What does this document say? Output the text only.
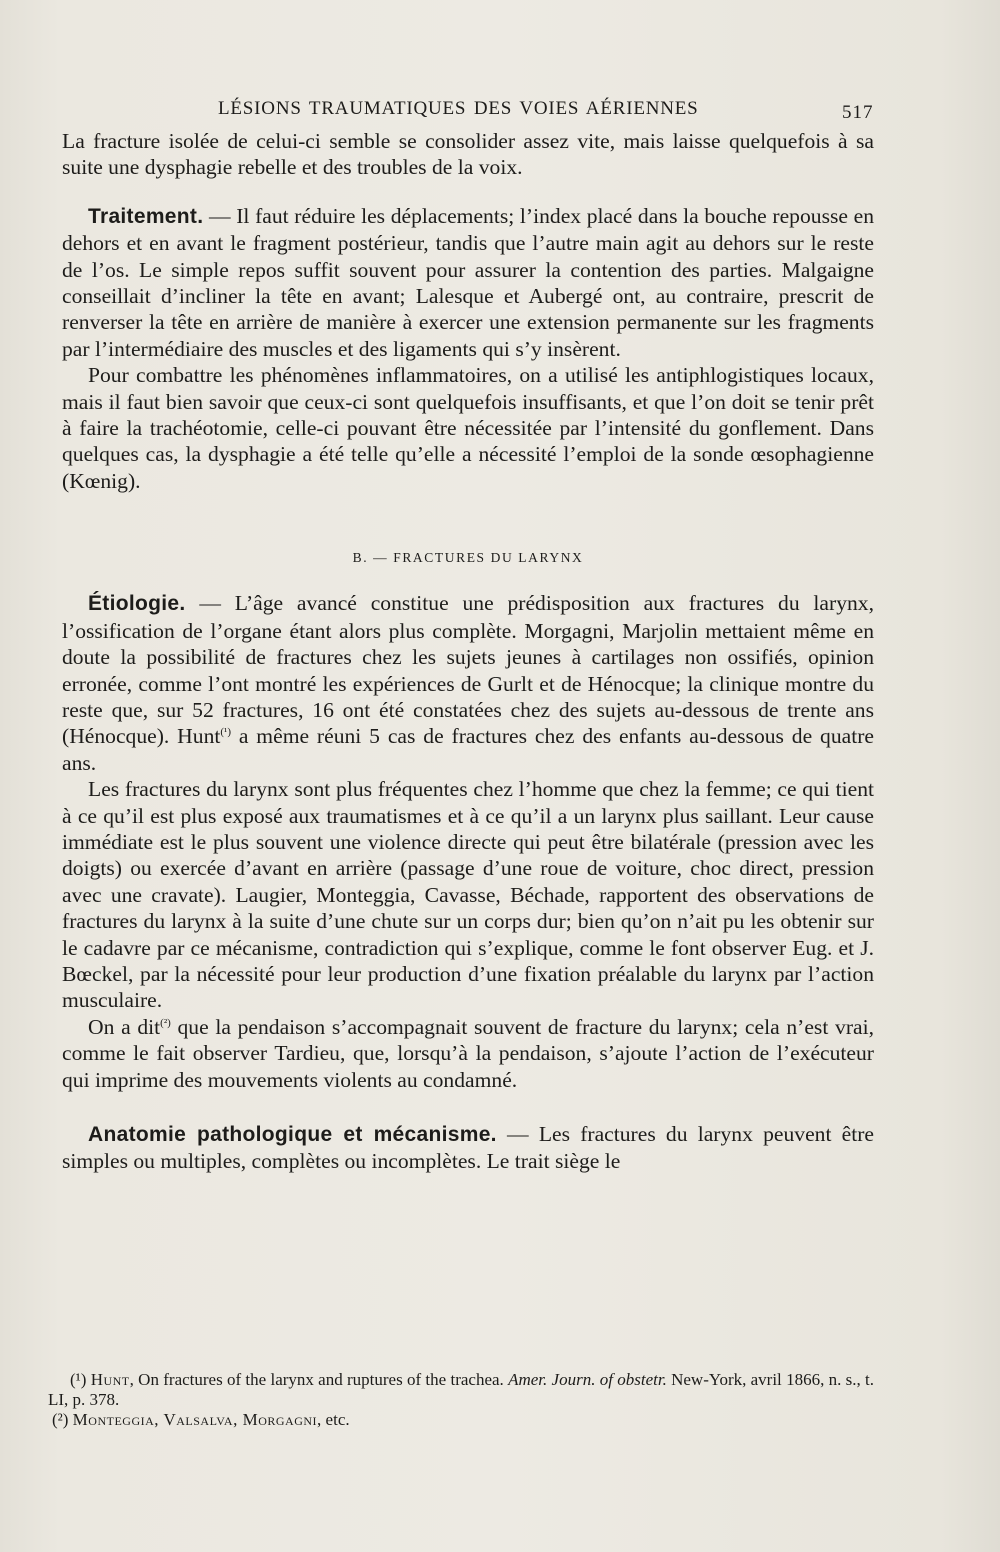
LÉSIONS TRAUMATIQUES DES VOIES AÉRIENNES	517

La fracture isolée de celui-ci semble se consolider assez vite, mais laisse quelquefois à sa suite une dysphagie rebelle et des troubles de la voix.

Traitement. — Il faut réduire les déplacements; l’index placé dans la bouche repousse en dehors et en avant le fragment postérieur, tandis que l’autre main agit au dehors sur le reste de l’os. Le simple repos suffit souvent pour assurer la contention des parties. Malgaigne conseillait d’incliner la tête en avant; Lalesque et Aubergé ont, au contraire, prescrit de renverser la tête en arrière de manière à exercer une extension permanente sur les fragments par l’intermédiaire des muscles et des ligaments qui s’y insèrent.

Pour combattre les phénomènes inflammatoires, on a utilisé les antiphlogistiques locaux, mais il faut bien savoir que ceux-ci sont quelquefois insuffisants, et que l’on doit se tenir prêt à faire la trachéotomie, celle-ci pouvant être nécessitée par l’intensité du gonflement. Dans quelques cas, la dysphagie a été telle qu’elle a nécessité l’emploi de la sonde œsophagienne (Kœnig).

B. — FRACTURES DU LARYNX

Étiologie. — L’âge avancé constitue une prédisposition aux fractures du larynx, l’ossification de l’organe étant alors plus complète. Morgagni, Marjolin mettaient même en doute la possibilité de fractures chez les sujets jeunes à cartilages non ossifiés, opinion erronée, comme l’ont montré les expériences de Gurlt et de Hénocque; la clinique montre du reste que, sur 52 fractures, 16 ont été constatées chez des sujets au-dessous de trente ans (Hénocque). Hunt$^{(^1)}$ a même réuni 5 cas de fractures chez des enfants au-dessous de quatre ans.

Les fractures du larynx sont plus fréquentes chez l’homme que chez la femme; ce qui tient à ce qu’il est plus exposé aux traumatismes et à ce qu’il a un larynx plus saillant. Leur cause immédiate est le plus souvent une violence directe qui peut être bilatérale (pression avec les doigts) ou exercée d’avant en arrière (passage d’une roue de voiture, choc direct, pression avec une cravate). Laugier, Monteggia, Cavasse, Béchade, rapportent des observations de fractures du larynx à la suite d’une chute sur un corps dur; bien qu’on n’ait pu les obtenir sur le cadavre par ce mécanisme, contradiction qui s’explique, comme le font observer Eug. et J. Bœckel, par la nécessité pour leur production d’une fixation préalable du larynx par l’action musculaire.

On a dit$^{(^2)}$ que la pendaison s’accompagnait souvent de fracture du larynx; cela n’est vrai, comme le fait observer Tardieu, que, lorsqu’à la pendaison, s’ajoute l’action de l’exécuteur qui imprime des mouvements violents au condamné.

Anatomie pathologique et mécanisme. — Les fractures du larynx peuvent être simples ou multiples, complètes ou incomplètes. Le trait siège le

(¹) Hunt, On fractures of the larynx and ruptures of the trachea. Amer. Journ. of obstetr. New-York, avril 1866, n. s., t. LI, p. 378.

(²) Monteggia, Valsalva, Morgagni, etc.
